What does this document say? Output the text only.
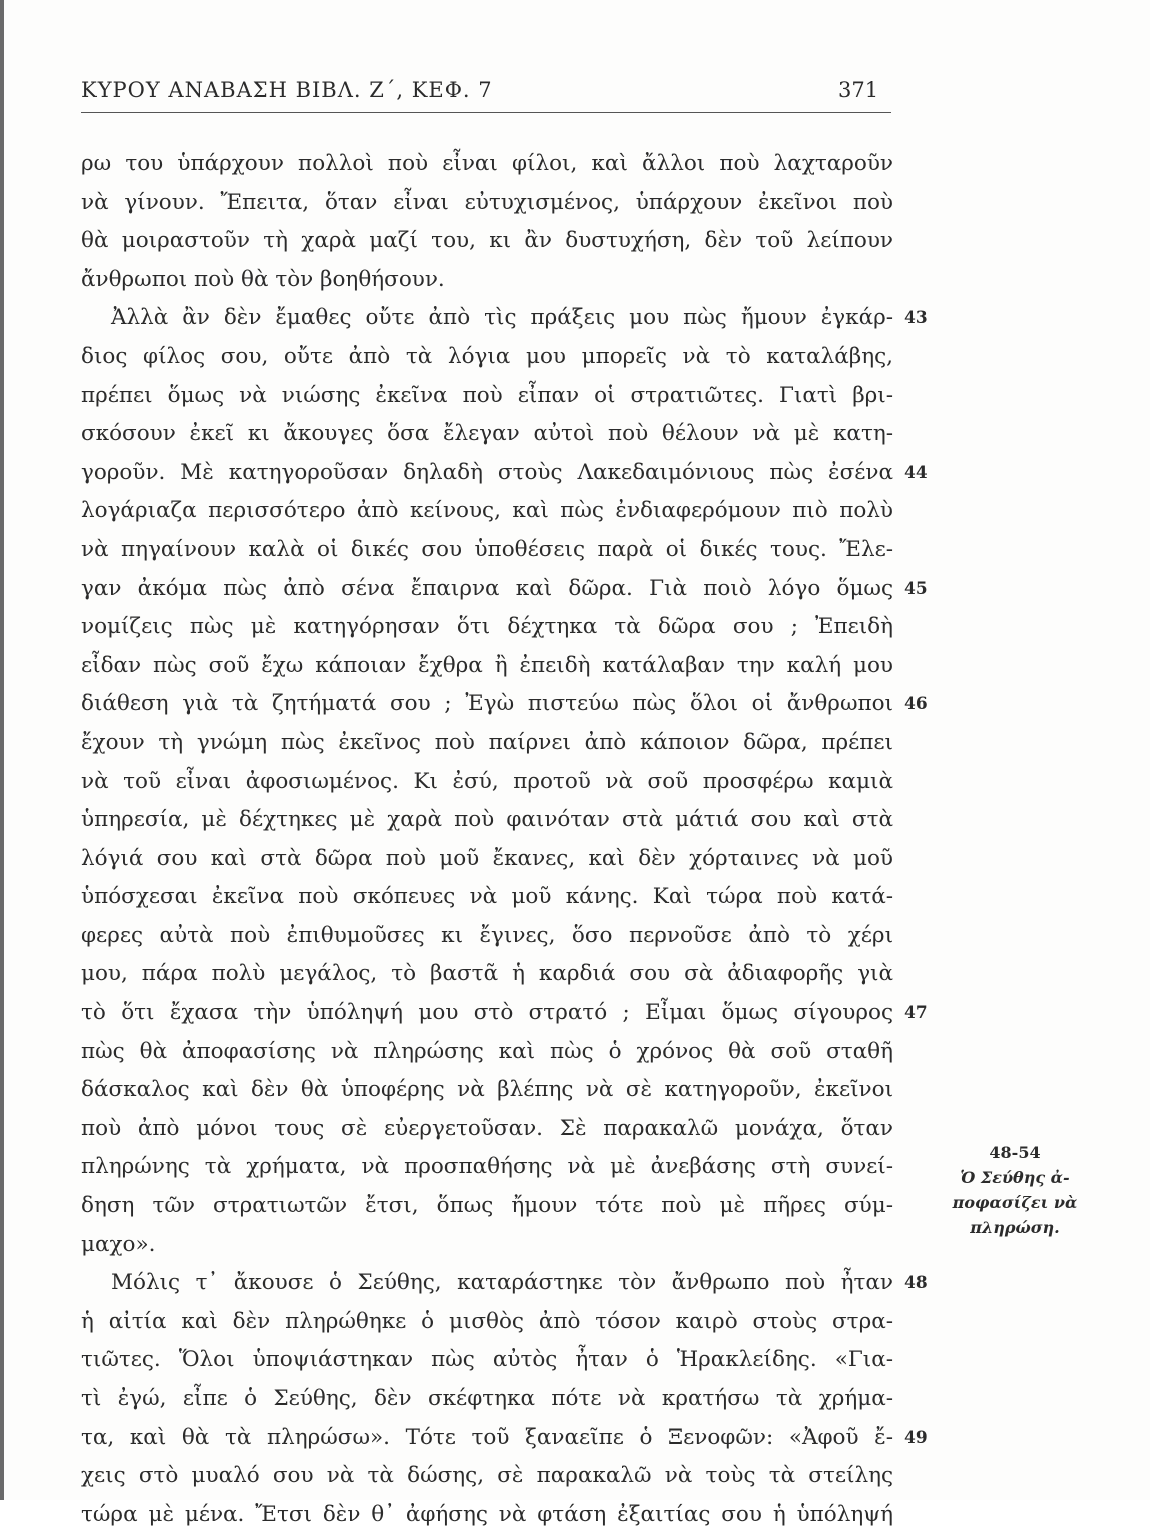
ΚΥΡΟΥ ΑΝΑΒΑΣΗ ΒΙΒΛ. Ζ΄, ΚΕΦ. 7	371
ρω του ὑπάρχουν πολλοὶ ποὺ εἶναι φίλοι, καὶ ἄλλοι ποὺ λαχταροῦν
νὰ γίνουν. Ἔπειτα, ὅταν εἶναι εὐτυχισμένος, ὑπάρχουν ἐκεῖνοι ποὺ
θὰ μοιραστοῦν τὴ χαρὰ μαζί του, κι ἂν δυστυχήση, δὲν τοῦ λείπουν
ἄνθρωποι ποὺ θὰ τὸν βοηθήσουν.
Ἀλλὰ ἂν δὲν ἔμαθες οὔτε ἀπὸ τὶς πράξεις μου πὼς ἤμουν ἐγκάρ- 43
διος φίλος σου, οὔτε ἀπὸ τὰ λόγια μου μπορεῖς νὰ τὸ καταλάβης,
πρέπει ὅμως νὰ νιώσης ἐκεῖνα ποὺ εἶπαν οἱ στρατιῶτες. Γιατὶ βρι-
σκόσουν ἐκεῖ κι ἄκουγες ὅσα ἔλεγαν αὐτοὶ ποὺ θέλουν νὰ μὲ κατη-
γοροῦν. Μὲ κατηγοροῦσαν δηλαδὴ στοὺς Λακεδαιμόνιους πὼς ἐσένα 44
λογάριαζα περισσότερο ἀπὸ κείνους, καὶ πὼς ἐνδιαφερόμουν πιὸ πολὺ
νὰ πηγαίνουν καλὰ οἱ δικές σου ὑποθέσεις παρὰ οἱ δικές τους. Ἔλε-
γαν ἀκόμα πὼς ἀπὸ σένα ἔπαιρνα καὶ δῶρα. Γιὰ ποιὸ λόγο ὅμως 45
νομίζεις πὼς μὲ κατηγόρησαν ὅτι δέχτηκα τὰ δῶρα σου ; Ἐπειδὴ
εἶδαν πὼς σοῦ ἔχω κάποιαν ἔχθρα ἢ ἐπειδὴ κατάλαβαν την καλή μου
διάθεση γιὰ τὰ ζητήματά σου ; Ἐγὼ πιστεύω πὼς ὅλοι οἱ ἄνθρωποι 46
ἔχουν τὴ γνώμη πὼς ἐκεῖνος ποὺ παίρνει ἀπὸ κάποιον δῶρα, πρέπει
νὰ τοῦ εἶναι ἀφοσιωμένος. Κι ἐσύ, προτοῦ νὰ σοῦ προσφέρω καμιὰ
ὑπηρεσία, μὲ δέχτηκες μὲ χαρὰ ποὺ φαινόταν στὰ μάτιά σου καὶ στὰ
λόγιά σου καὶ στὰ δῶρα ποὺ μοῦ ἔκανες, καὶ δὲν χόρταινες νὰ μοῦ
ὑπόσχεσαι ἐκεῖνα ποὺ σκόπευες νὰ μοῦ κάνης. Καὶ τώρα ποὺ κατά-
φερες αὐτὰ ποὺ ἐπιθυμοῦσες κι ἔγινες, ὅσο περνοῦσε ἀπὸ τὸ χέρι
μου, πάρα πολὺ μεγάλος, τὸ βαστᾶ ἡ καρδιά σου σὰ ἀδιαφορῆς γιὰ
τὸ ὅτι ἔχασα τὴν ὑπόληψή μου στὸ στρατό ; Εἶμαι ὅμως σίγουρος 47
πὼς θὰ ἀποφασίσης νὰ πληρώσης καὶ πὼς ὁ χρόνος θὰ σοῦ σταθῆ
δάσκαλος καὶ δὲν θὰ ὑποφέρης νὰ βλέπης νὰ σὲ κατηγοροῦν, ἐκεῖνοι
ποὺ ἀπὸ μόνοι τους σὲ εὐεργετοῦσαν. Σὲ παρακαλῶ μονάχα, ὅταν
πληρώνης τὰ χρήματα, νὰ προσπαθήσης νὰ μὲ ἀνεβάσης στὴ συνεί-
δηση τῶν στρατιωτῶν ἔτσι, ὅπως ἤμουν τότε ποὺ μὲ πῆρες σύμ-
μαχο».
Μόλις τ᾿ ἄκουσε ὁ Σεύθης, καταράστηκε τὸν ἄνθρωπο ποὺ ἦταν 48
ἡ αἰτία καὶ δὲν πληρώθηκε ὁ μισθὸς ἀπὸ τόσον καιρὸ στοὺς στρα-
τιῶτες. Ὅλοι ὑποψιάστηκαν πὼς αὐτὸς ἦταν ὁ Ἡρακλείδης. «Για-
τὶ ἐγώ, εἶπε ὁ Σεύθης, δὲν σκέφτηκα πότε νὰ κρατήσω τὰ χρήμα-
τα, καὶ θὰ τὰ πληρώσω». Τότε τοῦ ξαναεῖπε ὁ Ξενοφῶν: «Ἀφοῦ ἔ- 49
χεις στὸ μυαλό σου νὰ τὰ δώσης, σὲ παρακαλῶ νὰ τοὺς τὰ στείλης
τώρα μὲ μένα. Ἔτσι δὲν θ᾿ ἀφήσης νὰ φτάση ἐξαιτίας σου ἡ ὑπόληψή
48-54
Ὁ Σεύθης ἀ-
ποφασίζει νὰ
πληρώση.
